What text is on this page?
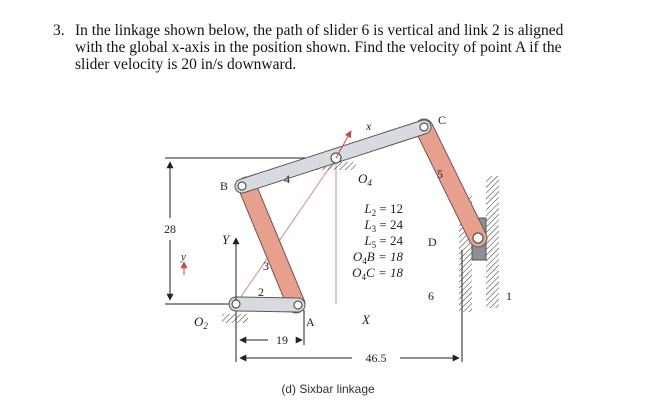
3. In the linkage shown below, the path of slider 6 is vertical and link 2 is aligned
with the global x-axis in the position shown. Find the velocity of point A if the
slider velocity is 20 in/s downward.
B
C
D
A
1
2
3
4	5
6
x
y
X
Y
$O_2$
$O_4$
$L_2 = 12$
$L_3 = 24$
$L_5 = 24$
$O_4B = 18$
$O_4C = 18$
28
19
46.5
(d) Sixbar linkage
